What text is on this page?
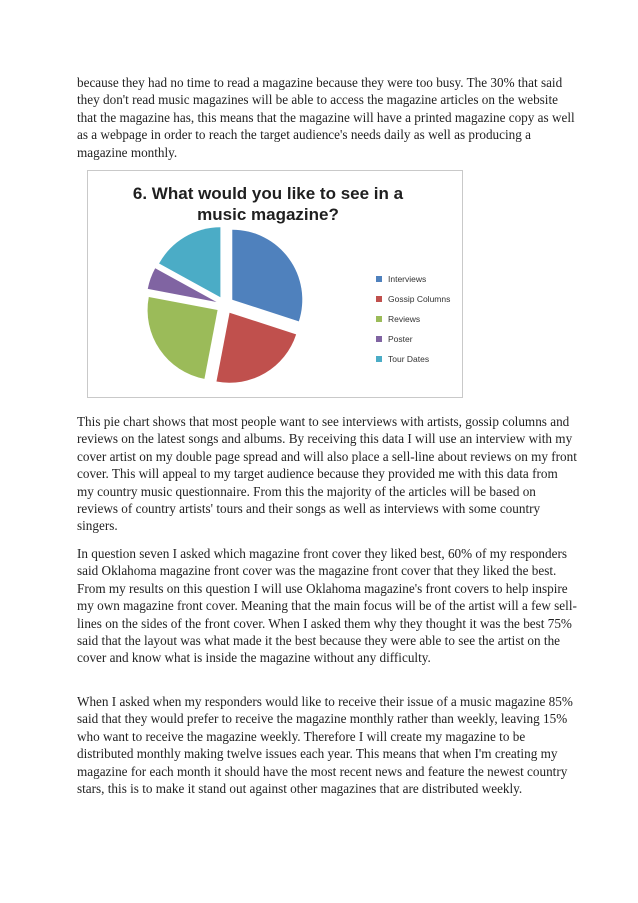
because they had no time to read a magazine because they were too busy. The 30% that said they don't read music magazines will be able to access the magazine articles on the website that the magazine has, this means that the magazine will have a printed magazine copy as well as a webpage in order to reach the target audience's needs daily as well as producing a magazine monthly.

6. What would you like to see in a
music magazine?
Interviews
Gossip Columns
Reviews
Poster
Tour Dates

This pie chart shows that most people want to see interviews with artists, gossip columns and reviews on the latest songs and albums. By receiving this data I will use an interview with my cover artist on my double page spread and will also place a sell-line about reviews on my front cover. This will appeal to my target audience because they provided me with this data from my country music questionnaire. From this the majority of the articles will be based on reviews of country artists' tours and their songs as well as interviews with some country singers.

In question seven I asked which magazine front cover they liked best, 60% of my responders said Oklahoma magazine front cover was the magazine front cover that they liked the best. From my results on this question I will use Oklahoma magazine's front covers to help inspire my own magazine front cover. Meaning that the main focus will be of the artist will a few sell-lines on the sides of the front cover. When I asked them why they thought it was the best 75% said that the layout was what made it the best because they were able to see the artist on the cover and know what is inside the magazine without any difficulty.

When I asked when my responders would like to receive their issue of a music magazine 85% said that they would prefer to receive the magazine monthly rather than weekly, leaving 15% who want to receive the magazine weekly. Therefore I will create my magazine to be distributed monthly making twelve issues each year. This means that when I'm creating my magazine for each month it should have the most recent news and feature the newest country stars, this is to make it stand out against other magazines that are distributed weekly.
